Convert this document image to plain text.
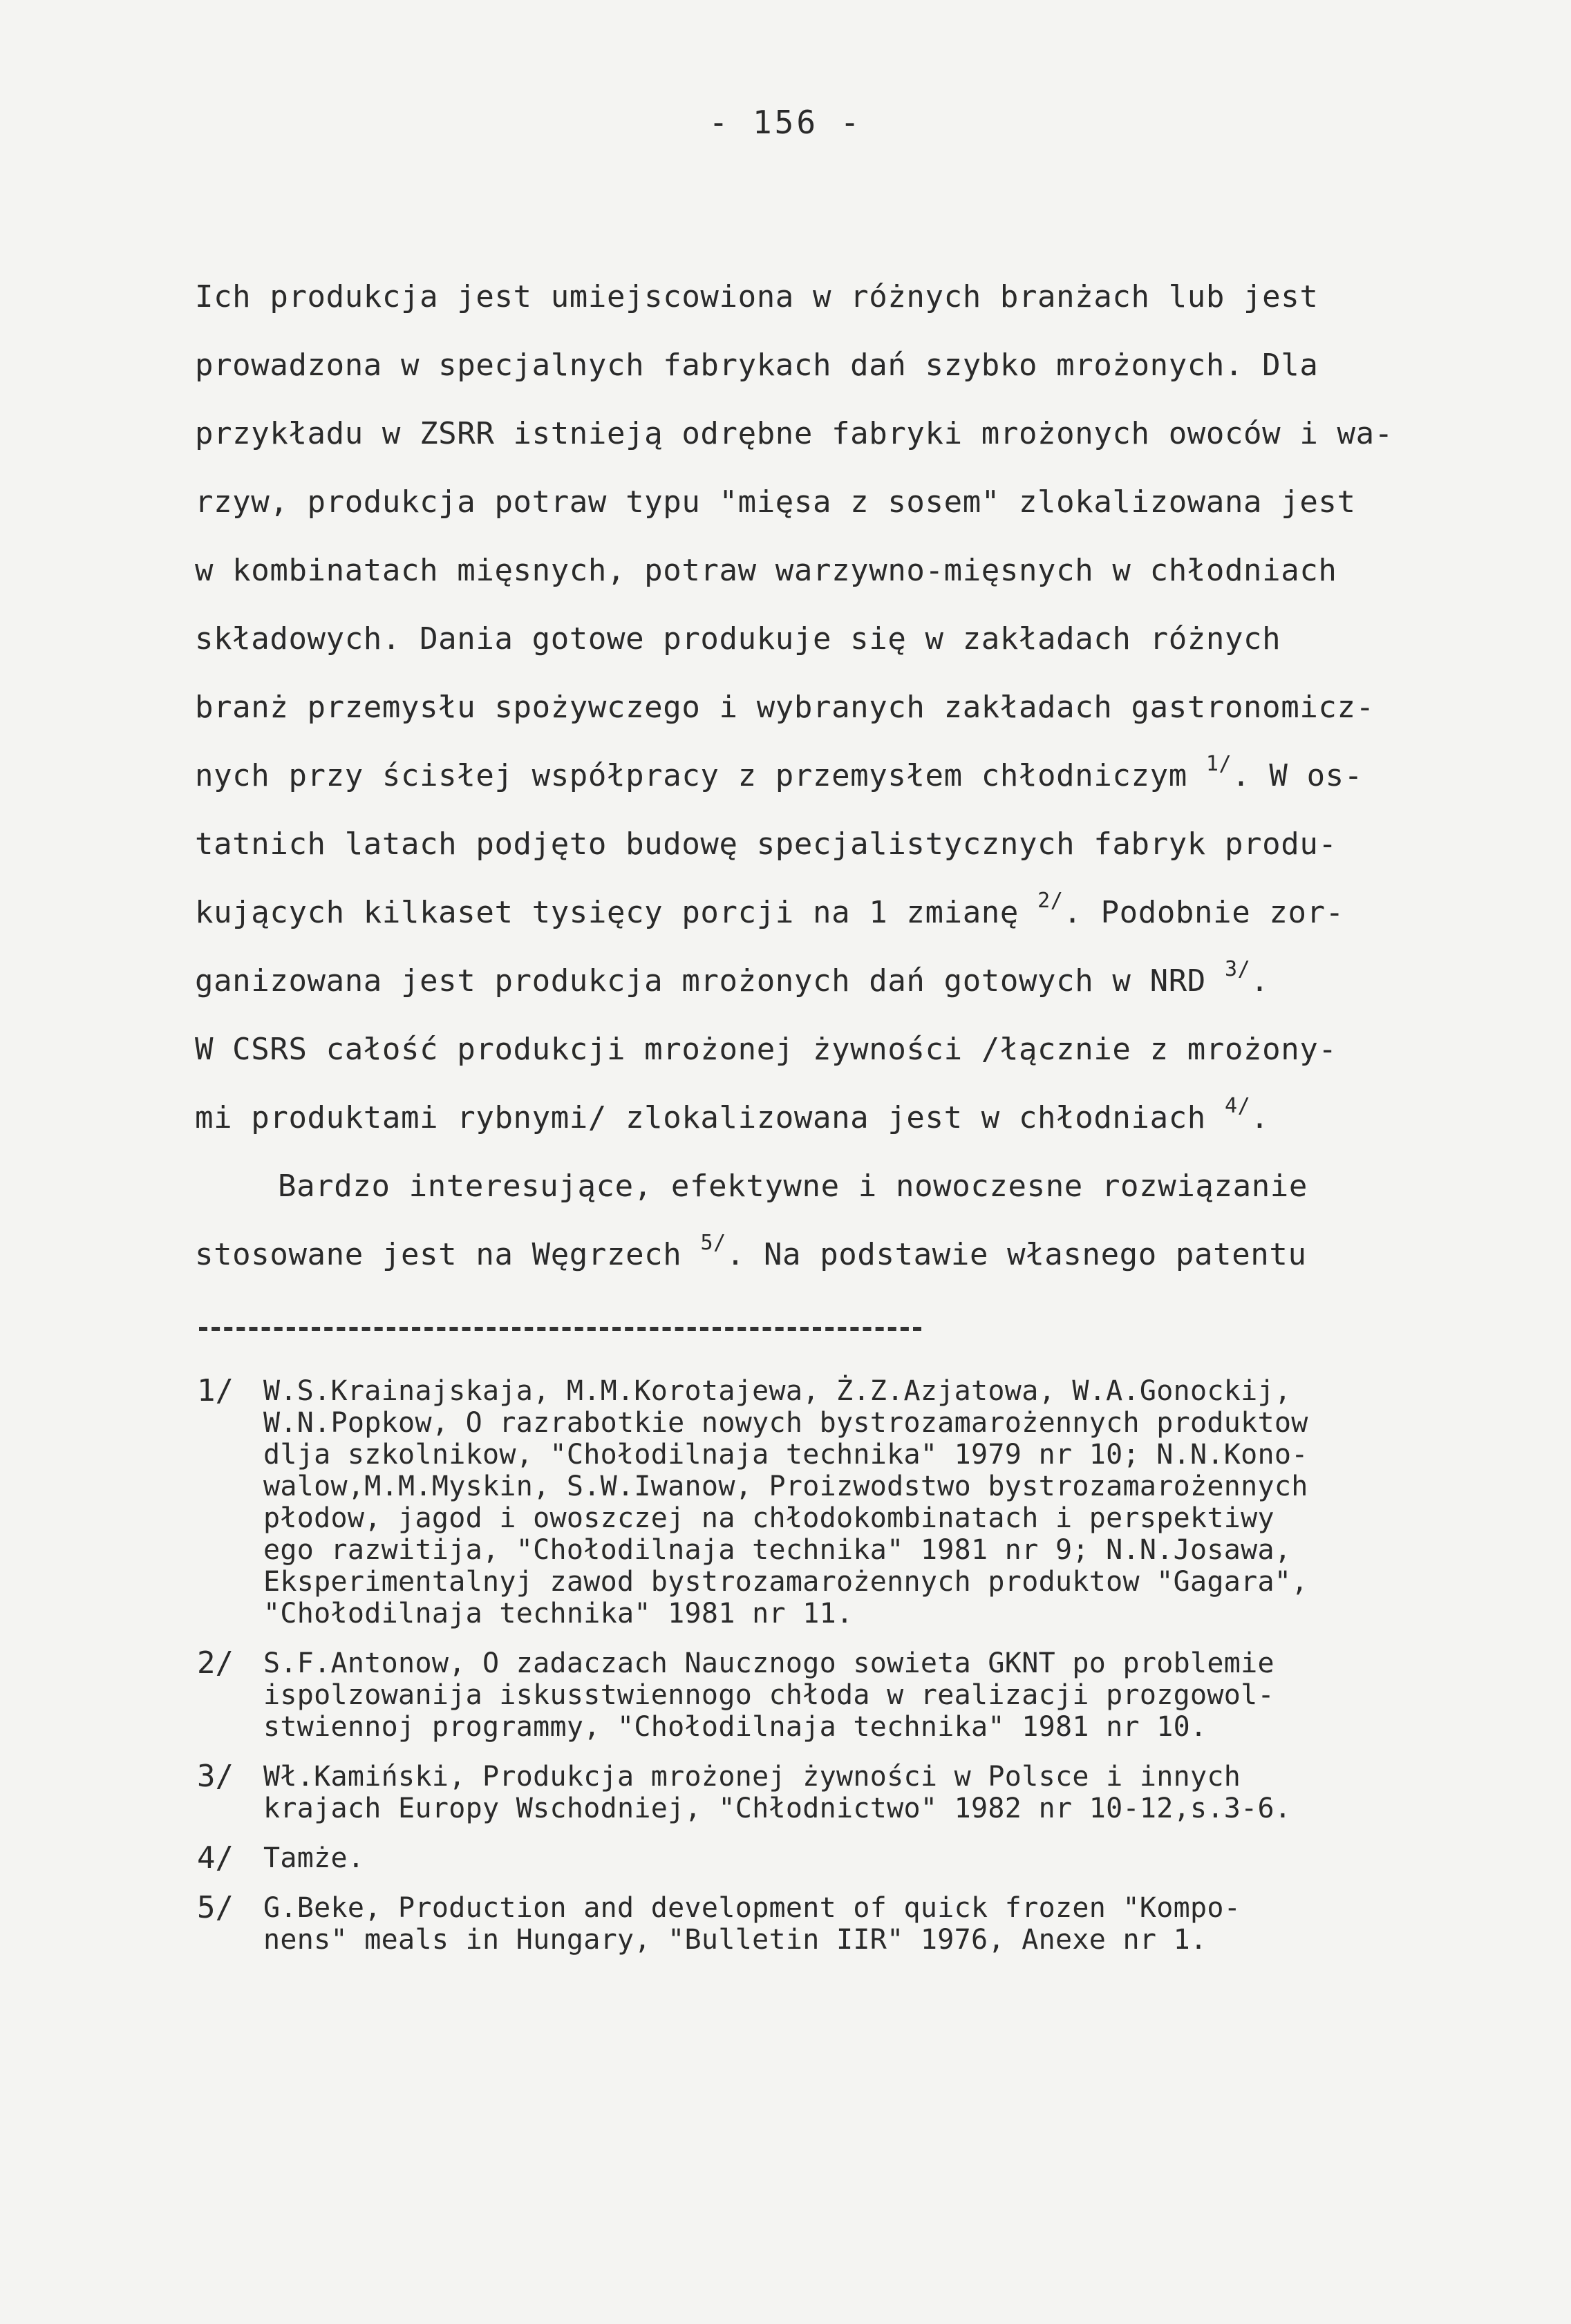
- 156 -
Ich produkcja jest umiejscowiona w różnych branżach lub jest
prowadzona w specjalnych fabrykach dań szybko mrożonych. Dla
przykładu w ZSRR istnieją odrębne fabryki mrożonych owoców i wa-
rzyw, produkcja potraw typu "mięsa z sosem" zlokalizowana jest
w kombinatach mięsnych, potraw warzywno-mięsnych w chłodniach
składowych. Dania gotowe produkuje się w zakładach różnych
branż przemysłu spożywczego i wybranych zakładach gastronomicz-
nych przy ścisłej współpracy z przemysłem chłodniczym $^{1/}$. W os-
tatnich latach podjęto budowę specjalistycznych fabryk produ-
kujących kilkaset tysięcy porcji na 1 zmianę $^{2/}$. Podobnie zor-
ganizowana jest produkcja mrożonych dań gotowych w NRD $^{3/}$.
W CSRS całość produkcji mrożonej żywności /łącznie z mrożony-
mi produktami rybnymi/ zlokalizowana jest w chłodniach $^{4/}$.
Bardzo interesujące, efektywne i nowoczesne rozwiązanie
stosowane jest na Węgrzech $^{5/}$. Na podstawie własnego patentu
1/	W.S.Krainajskaja, M.M.Korotajewa, Ż.Z.Azjatowa, W.A.Gonockij,
W.N.Popkow, O razrabotkie nowych bystrozamarożennych produktow
dlja szkolnikow, "Chołodilnaja technika" 1979 nr 10; N.N.Kono-
walow,M.M.Myskin, S.W.Iwanow, Proizwodstwo bystrozamarożennych
płodow, jagod i owoszczej na chłodokombinatach i perspektiwy
ego razwitija, "Chołodilnaja technika" 1981 nr 9; N.N.Josawa,
Eksperimentalnyj zawod bystrozamarożennych produktow "Gagara",
"Chołodilnaja technika" 1981 nr 11.
2/	S.F.Antonow, O zadaczach Naucznogo sowieta GKNT po problemie
ispolzowanija iskusstwiennogo chłoda w realizacji prozgowol-
stwiennoj programmy, "Chołodilnaja technika" 1981 nr 10.
3/	Wł.Kamiński, Produkcja mrożonej żywności w Polsce i innych
krajach Europy Wschodniej, "Chłodnictwo" 1982 nr 10-12,s.3-6.
4/	Tamże.
5/	G.Beke, Production and development of quick frozen "Kompo-
nens" meals in Hungary, "Bulletin IIR" 1976, Anexe nr 1.
